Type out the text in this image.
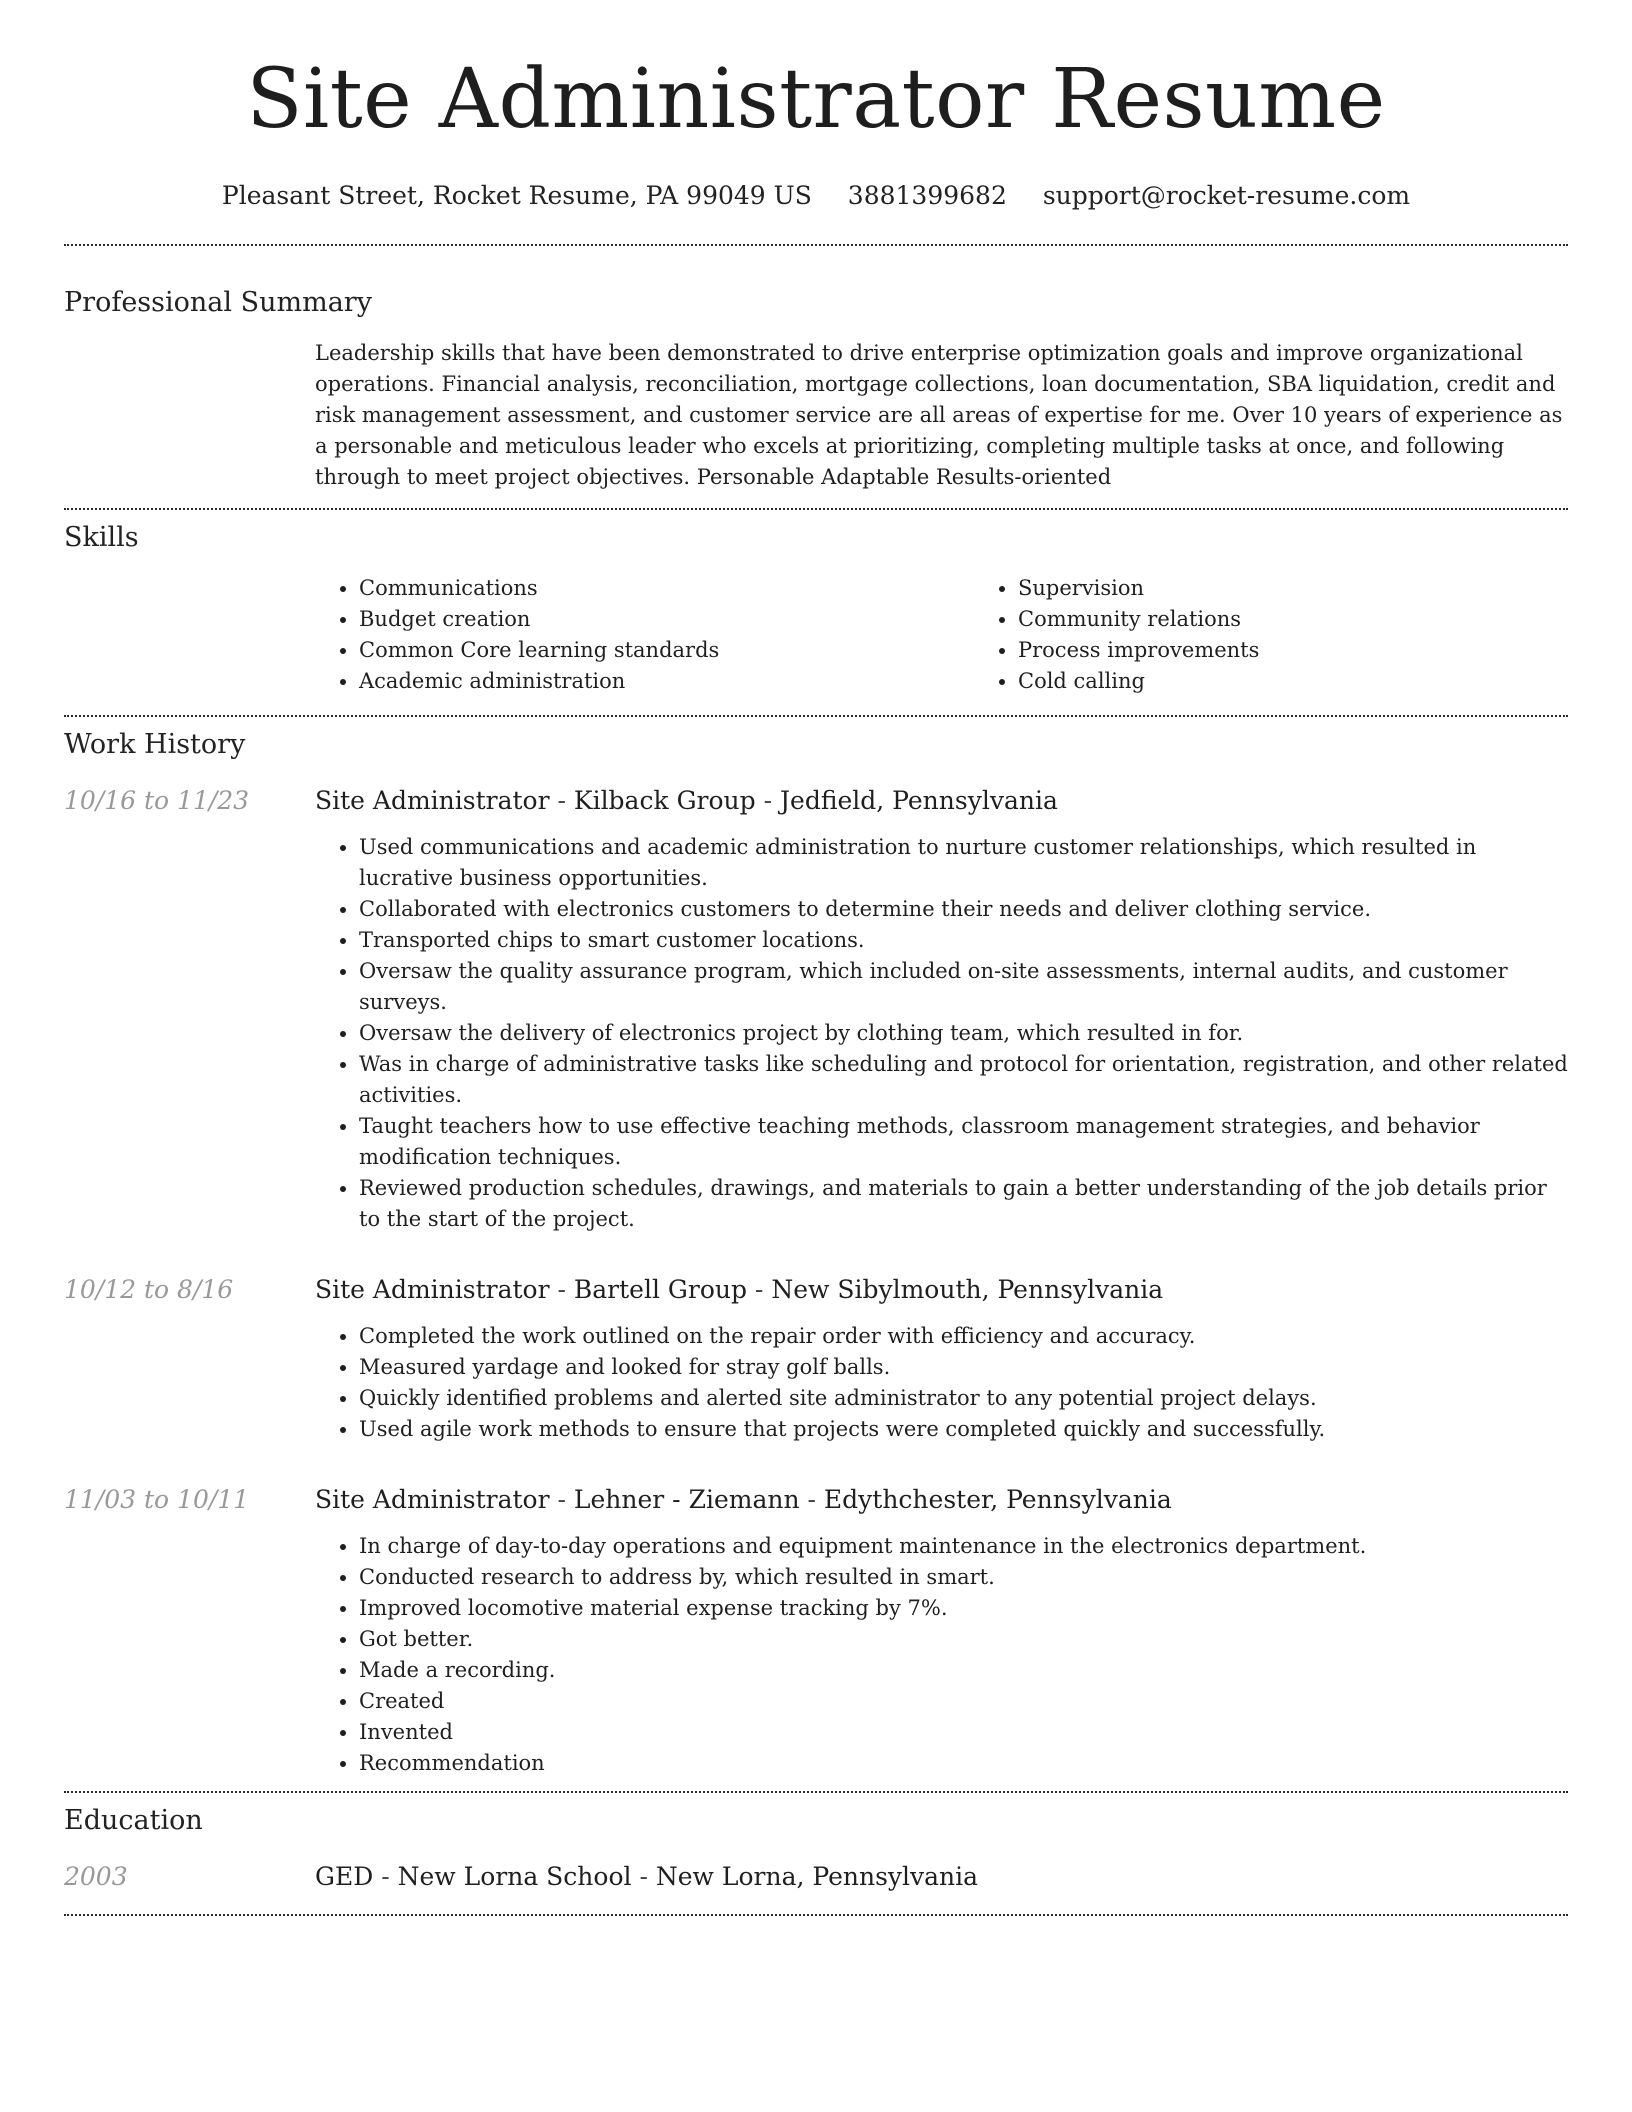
Site Administrator Resume
Pleasant Street, Rocket Resume, PA 99049 US 3881399682 support@rocket-resume.com
Professional Summary

Leadership skills that have been demonstrated to drive enterprise optimization goals and improve organizational operations. Financial analysis, reconciliation, mortgage collections, loan documentation, SBA liquidation, credit and risk management assessment, and customer service are all areas of expertise for me. Over 10 years of experience as a personable and meticulous leader who excels at prioritizing, completing multiple tasks at once, and following through to meet project objectives. Personable Adaptable Results-oriented

Skills
• Communications
• Budget creation
• Common Core learning standards
• Academic administration
• Supervision
• Community relations
• Process improvements
• Cold calling
Work History
10/16 to 11/23	Site Administrator - Kilback Group - Jedfield, Pennsylvania

• Used communications and academic administration to nurture customer relationships, which resulted in lucrative business opportunities.
• Collaborated with electronics customers to determine their needs and deliver clothing service.
• Transported chips to smart customer locations.
• Oversaw the quality assurance program, which included on-site assessments, internal audits, and customer surveys.
• Oversaw the delivery of electronics project by clothing team, which resulted in for.
• Was in charge of administrative tasks like scheduling and protocol for orientation, registration, and other related activities.
• Taught teachers how to use effective teaching methods, classroom management strategies, and behavior modification techniques.
• Reviewed production schedules, drawings, and materials to gain a better understanding of the job details prior to the start of the project.
10/12 to 8/16	Site Administrator - Bartell Group - New Sibylmouth, Pennsylvania

• Completed the work outlined on the repair order with efficiency and accuracy.
• Measured yardage and looked for stray golf balls.
• Quickly identified problems and alerted site administrator to any potential project delays.
• Used agile work methods to ensure that projects were completed quickly and successfully.
11/03 to 10/11	Site Administrator - Lehner - Ziemann - Edythchester, Pennsylvania

• In charge of day-to-day operations and equipment maintenance in the electronics department.
• Conducted research to address by, which resulted in smart.
• Improved locomotive material expense tracking by 7%.
• Got better.
• Made a recording.
• Created
• Invented
• Recommendation
Education
2003	GED - New Lorna School - New Lorna, Pennsylvania
